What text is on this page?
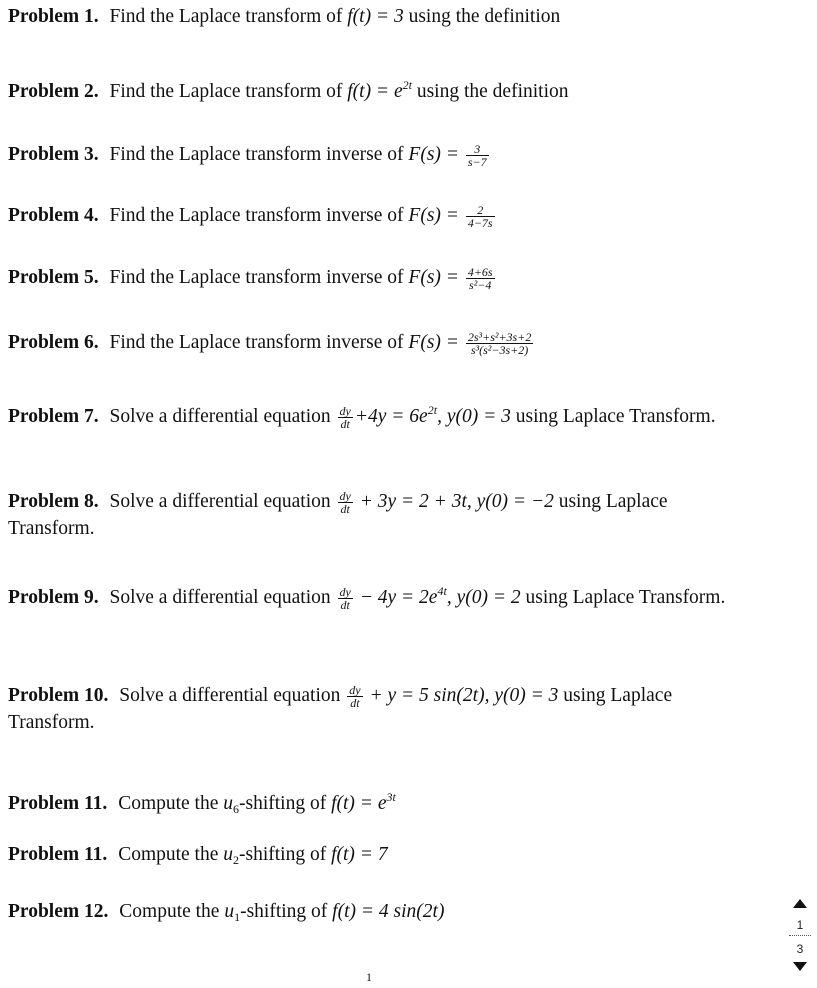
Problem 1. Find the Laplace transform of f(t) = 3 using the definition
Problem 2. Find the Laplace transform of $f(t) = e^{2t}$ using the definition
Problem 3. Find the Laplace transform inverse of $F(s) = \frac{3}{s-7}$
Problem 4. Find the Laplace transform inverse of $F(s) = \frac{2}{4-7s}$
Problem 5. Find the Laplace transform inverse of $F(s) = \frac{4+6s}{\text{s²−4}}$
Problem 6. Find the Laplace transform inverse of $F(s) = \frac{\text{2s³+s²+3s+2}}{\text{s³(s²−3s+2)}}$
Problem 7. Solve a differential equation $\frac{dy}{dt} +4y = 6e^{2t}$, y(0) = 3 using Laplace Transform.
Problem 8. Solve a differential equation $\frac{dy}{dt} + 3y = 2 + 3t$, y(0) = −2 using Laplace Transform.
Problem 9. Solve a differential equation $\frac{dy}{dt} - 4y = 2e^{4t}$, y(0) = 2 using Laplace Transform.
Problem 10. Solve a differential equation $\frac{dy}{dt} + y = 5$ sin(2t), y(0) = 3 using Laplace Transform.
Problem 11. Compute the $u_6$-shifting of $f(t) = e^{3t}$
Problem 11. Compute the $u_2$-shifting of f(t) = 7
Problem 12. Compute the $u_1$-shifting of f(t) = 4 sin(2t)
1
1
3
